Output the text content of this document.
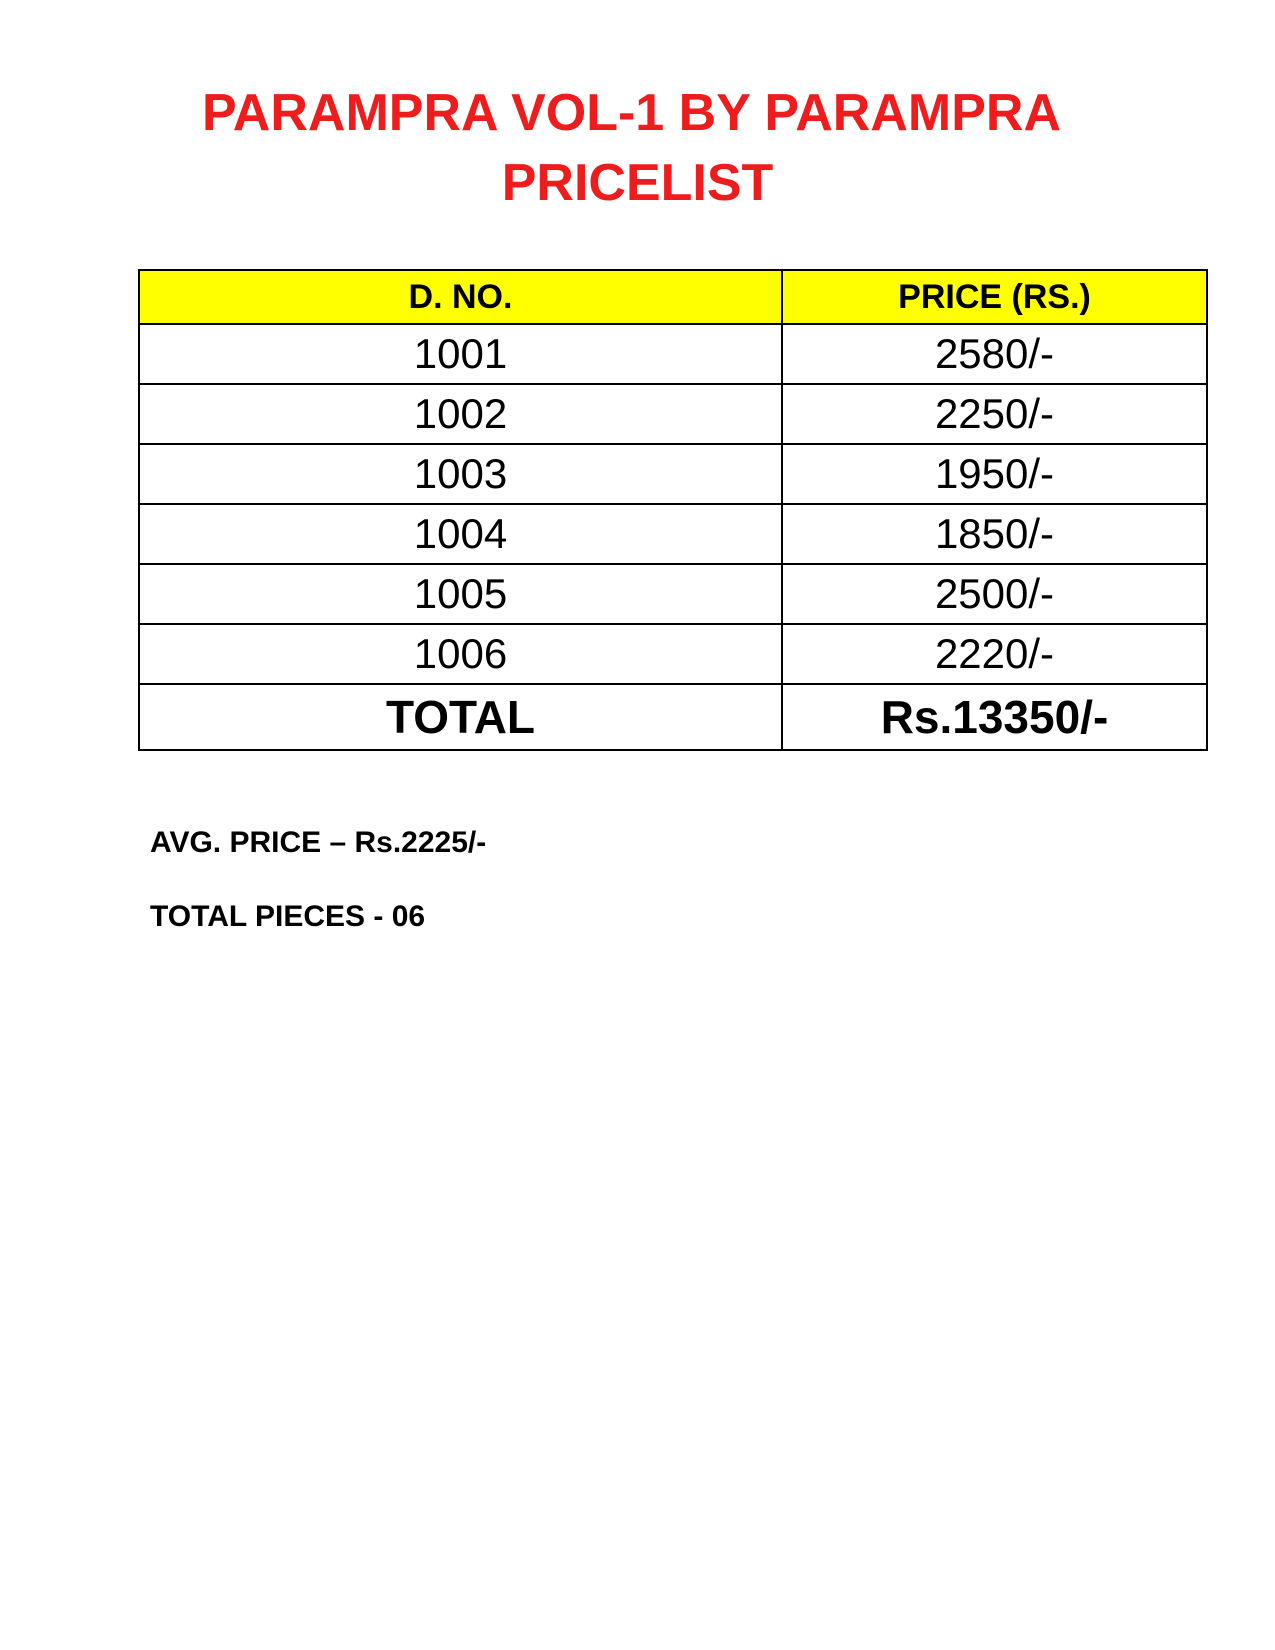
PARAMPRA VOL-1 BY PARAMPRA
PRICELIST
D. NO.	PRICE (RS.)
1001	2580/-
1002	2250/-
1003	1950/-
1004	1850/-
1005	2500/-
1006	2220/-
TOTAL	Rs.13350/-
AVG. PRICE – Rs.2225/-
TOTAL PIECES - 06
